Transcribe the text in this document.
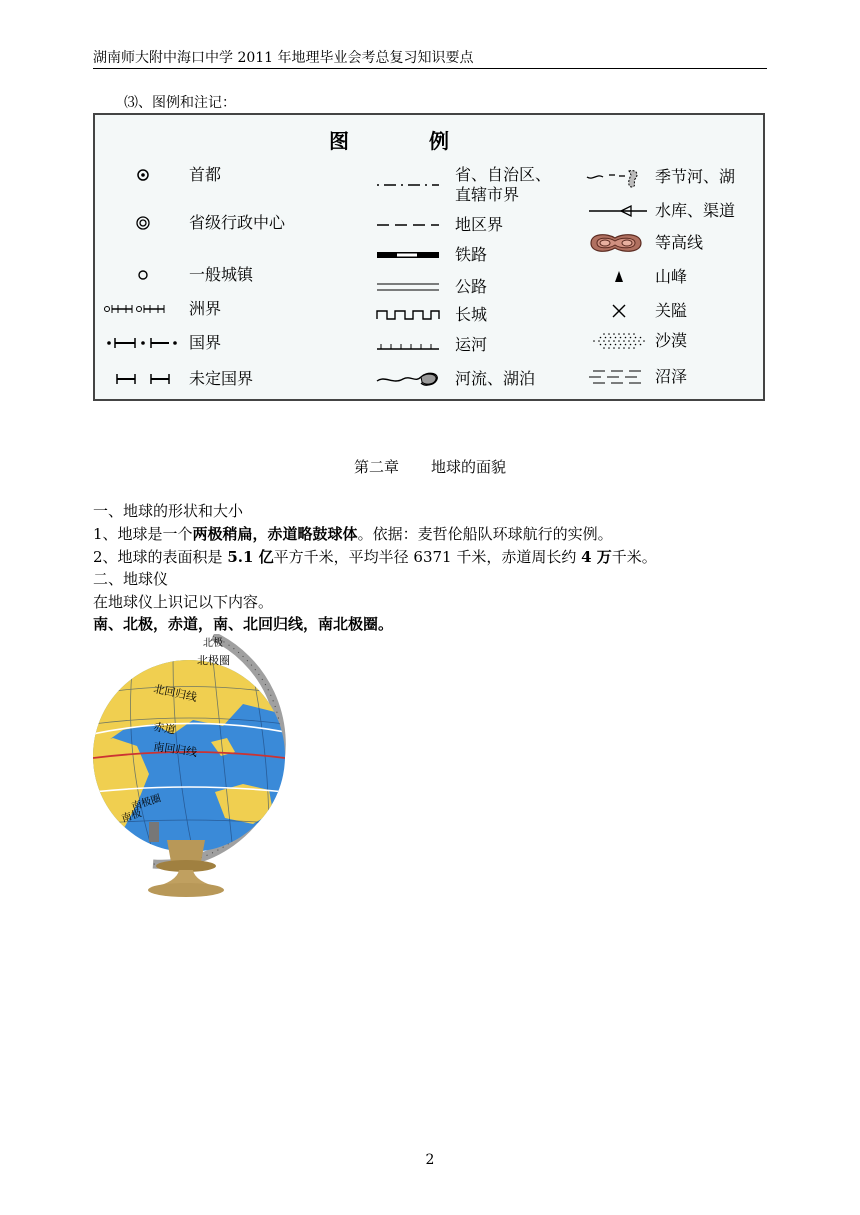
湖南师大附中海口中学 2011 年地理毕业会考总复习知识要点
⑶、图例和注记：
图例
首都
省级行政中心
一般城镇
洲界
国界
未定国界
省、自治区、
直辖市界
地区界
铁路
公路
长城
运河
河流、湖泊
季节河、湖
水库、渠道
等高线
山峰
关隘
沙漠
沼泽
第二章 地球的面貌
一、地球的形状和大小
1、地球是一个两极稍扁，赤道略鼓球体。依据：麦哲伦船队环球航行的实例。
2、地球的表面积是 5.1 亿平方千米，平均半径 6371 千米，赤道周长约 4 万千米。
二、地球仪
在地球仪上识记以下内容。
南、北极，赤道，南、北回归线，南北极圈。
北极
北极圈
北回归线
赤道
南回归线
南极圈
南极
2
